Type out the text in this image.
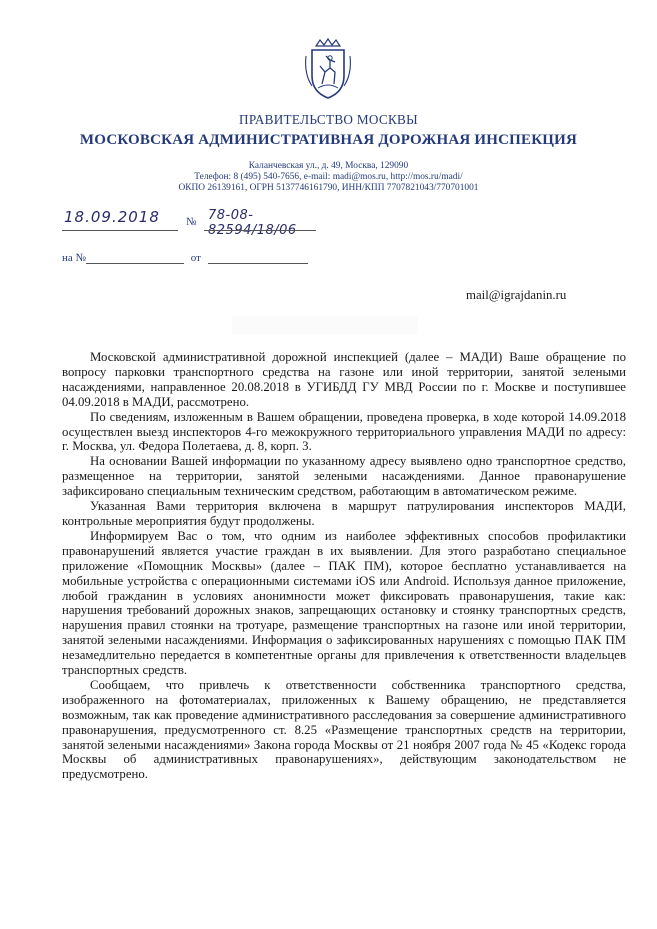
ПРАВИТЕЛЬСТВО МОСКВЫ
МОСКОВСКАЯ АДМИНИСТРАТИВНАЯ ДОРОЖНАЯ ИНСПЕКЦИЯ
Каланчевская ул., д. 49, Москва, 129090
Телефон: 8 (495) 540-7656, e-mail: madi@mos.ru, http://mos.ru/madi/
ОКПО 26139161, ОГРН 5137746161790, ИНН/КПП 7707821043/770701001
18.09.2018 № 78-08-82594/18/06
на №	от
mail@igrajdanin.ru

Московской административной дорожной инспекцией (далее – МАДИ) Ваше обращение по вопросу парковки транспортного средства на газоне или иной территории, занятой зелеными насаждениями, направленное 20.08.2018 в УГИБДД ГУ МВД России по г. Москве и поступившее 04.09.2018 в МАДИ, рассмотрено.

По сведениям, изложенным в Вашем обращении, проведена проверка, в ходе которой 14.09.2018 осуществлен выезд инспекторов 4-го межокружного территориального управления МАДИ по адресу: г. Москва, ул. Федора Полетаева, д. 8, корп. 3.

На основании Вашей информации по указанному адресу выявлено одно транспортное средство, размещенное на территории, занятой зелеными насаждениями. Данное правонарушение зафиксировано специальным техническим средством, работающим в автоматическом режиме.

Указанная Вами территория включена в маршрут патрулирования инспекторов МАДИ, контрольные мероприятия будут продолжены.

Информируем Вас о том, что одним из наиболее эффективных способов профилактики правонарушений является участие граждан в их выявлении. Для этого разработано специальное приложение «Помощник Москвы» (далее – ПАК ПМ), которое бесплатно устанавливается на мобильные устройства с операционными системами iOS или Android. Используя данное приложение, любой гражданин в условиях анонимности может фиксировать правонарушения, такие как: нарушения требований дорожных знаков, запрещающих остановку и стоянку транспортных средств, нарушения правил стоянки на тротуаре, размещение транспортных на газоне или иной территории, занятой зелеными насаждениями. Информация о зафиксированных нарушениях с помощью ПАК ПМ незамедлительно передается в компетентные органы для привлечения к ответственности владельцев транспортных средств.

Сообщаем, что привлечь к ответственности собственника транспортного средства, изображенного на фотоматериалах, приложенных к Вашему обращению, не представляется возможным, так как проведение административного расследования за совершение административного правонарушения, предусмотренного ст. 8.25 «Размещение транспортных средств на территории, занятой зелеными насаждениями» Закона города Москвы от 21 ноября 2007 года № 45 «Кодекс города Москвы об административных правонарушениях», действующим законодательством не предусмотрено.
